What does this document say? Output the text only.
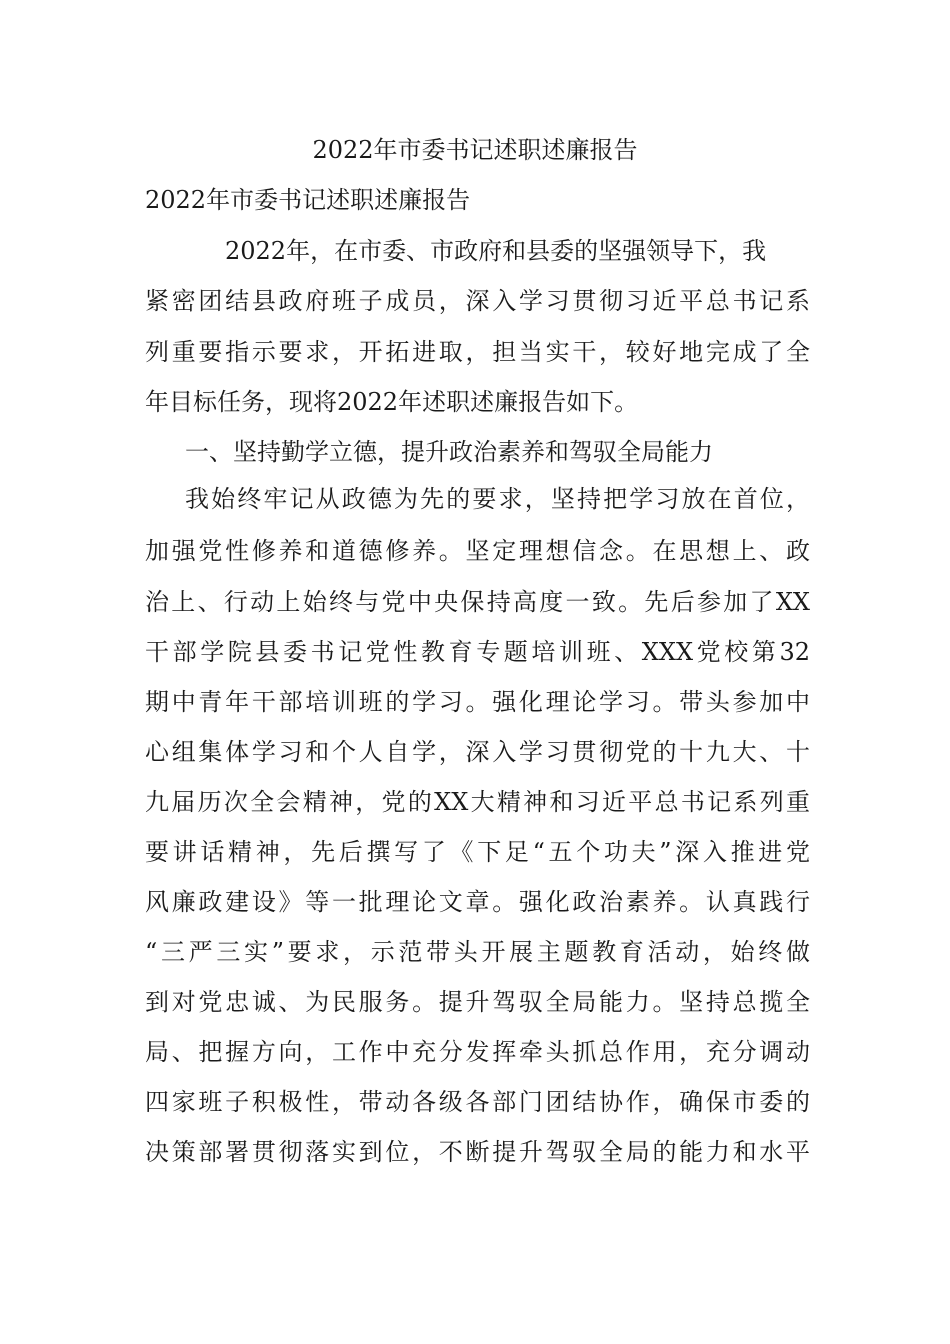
2022年市委书记述职述廉报告
2022年市委书记述职述廉报告
2022年，在市委、市政府和县委的坚强领导下，我
紧密团结县政府班子成员，深入学习贯彻习近平总书记系
列重要指示要求，开拓进取，担当实干，较好地完成了全
年目标任务，现将2022年述职述廉报告如下。
一、坚持勤学立德，提升政治素养和驾驭全局能力
我始终牢记从政德为先的要求，坚持把学习放在首位，
加强党性修养和道德修养。坚定理想信念。在思想上、政
治上、行动上始终与党中央保持高度一致。先后参加了XX
干部学院县委书记党性教育专题培训班、XXX党校第32
期中青年干部培训班的学习。强化理论学习。带头参加中
心组集体学习和个人自学，深入学习贯彻党的十九大、十
九届历次全会精神，党的XX大精神和习近平总书记系列重
要讲话精神，先后撰写了《下足“五个功夫”深入推进党
风廉政建设》等一批理论文章。强化政治素养。认真践行
“三严三实”要求，示范带头开展主题教育活动，始终做
到对党忠诚、为民服务。提升驾驭全局能力。坚持总揽全
局、把握方向，工作中充分发挥牵头抓总作用，充分调动
四家班子积极性，带动各级各部门团结协作，确保市委的
决策部署贯彻落实到位，不断提升驾驭全局的能力和水平
